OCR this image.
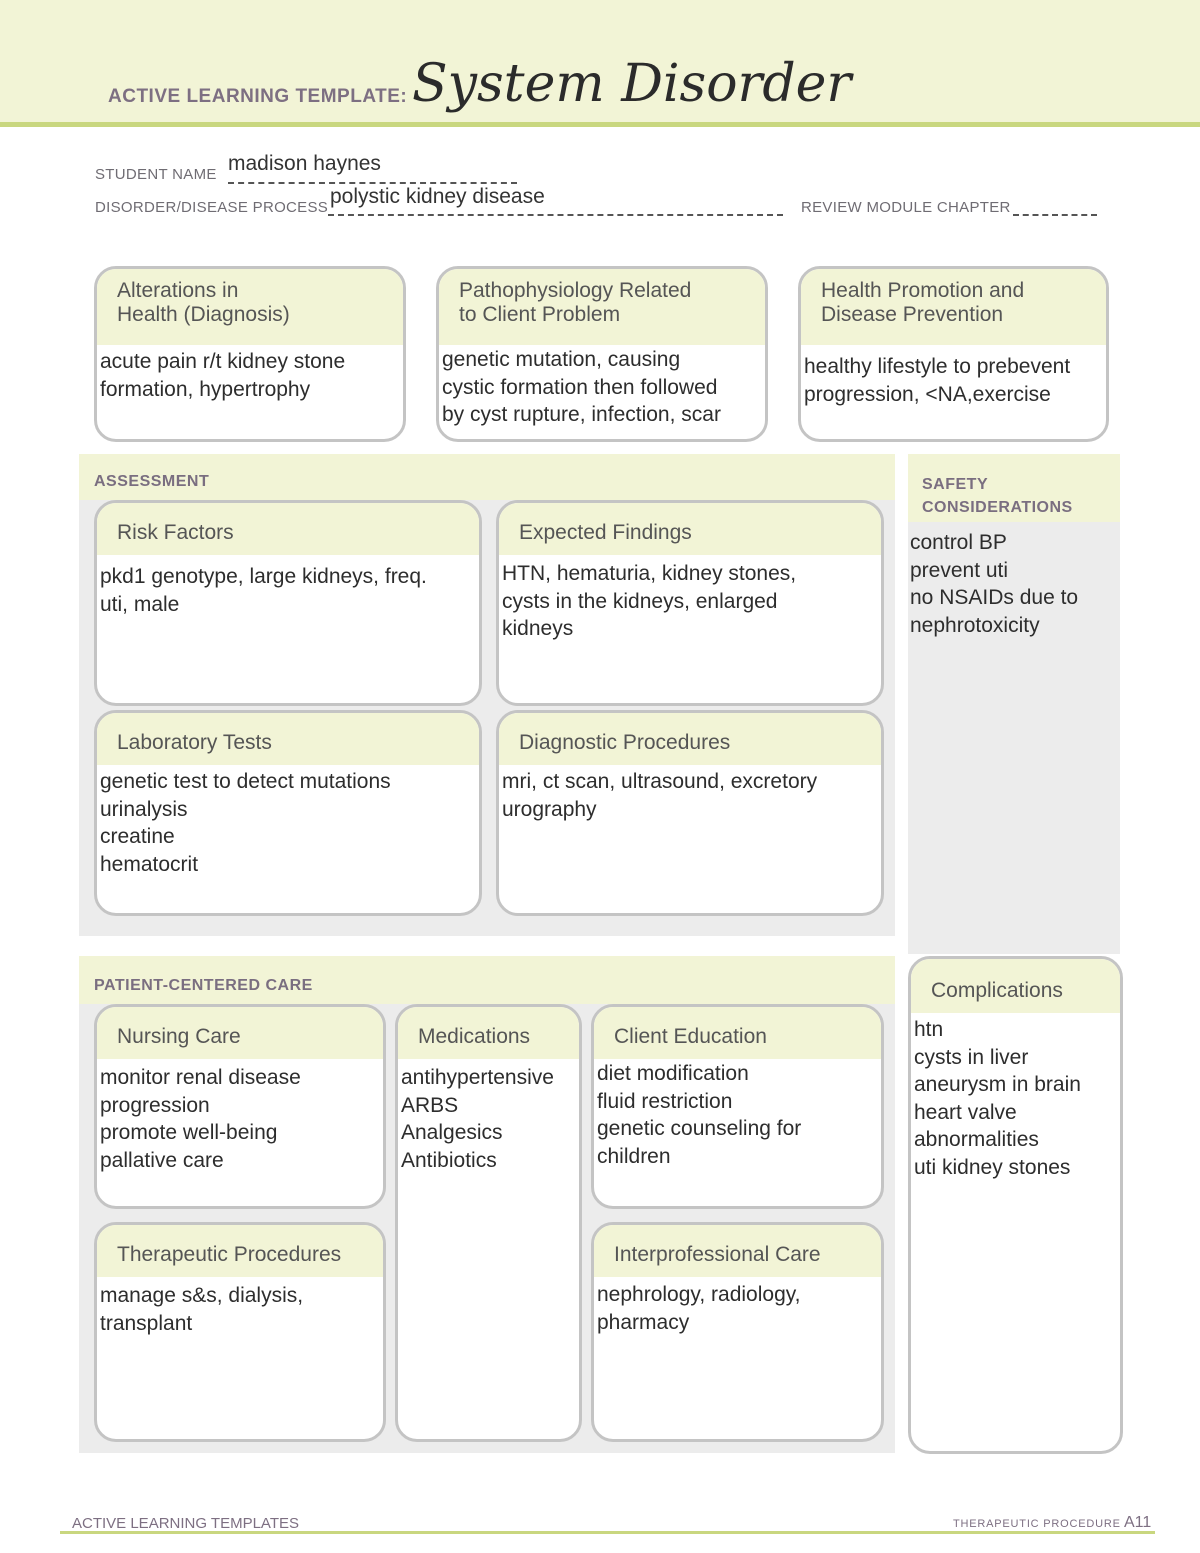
ACTIVE LEARNING TEMPLATE: System Disorder
STUDENT NAME madison haynes
DISORDER/DISEASE PROCESS polystic kidney disease	REVIEW MODULE CHAPTER
Alterations in
Health (Diagnosis)
acute pain r/t kidney stone
formation, hypertrophy
Pathophysiology Related
to Client Problem
genetic mutation, causing
cystic formation then followed
by cyst rupture, infection, scar
Health Promotion and
Disease Prevention
healthy lifestyle to prebevent
progression, <NA,exercise
ASSESSMENT
Risk Factors
pkd1 genotype, large kidneys, freq.
uti, male
Expected Findings
HTN, hematuria, kidney stones,
cysts in the kidneys, enlarged
kidneys
Laboratory Tests
genetic test to detect mutations
urinalysis
creatine
hematocrit
Diagnostic Procedures
mri, ct scan, ultrasound, excretory
urography
SAFETY
CONSIDERATIONS
control BP
prevent uti
no NSAIDs due to
nephrotoxicity
PATIENT-CENTERED CARE
Nursing Care
monitor renal disease
progression
promote well-being
pallative care
Medications
antihypertensive
ARBS
Analgesics
Antibiotics
Client Education
diet modification
fluid restriction
genetic counseling for
children
Therapeutic Procedures
manage s&s, dialysis,
transplant
Interprofessional Care
nephrology, radiology,
pharmacy
Complications
htn
cysts in liver
aneurysm in brain
heart valve
abnormalities
uti kidney stones
ACTIVE LEARNING TEMPLATES	THERAPEUTIC PROCEDURE A11
